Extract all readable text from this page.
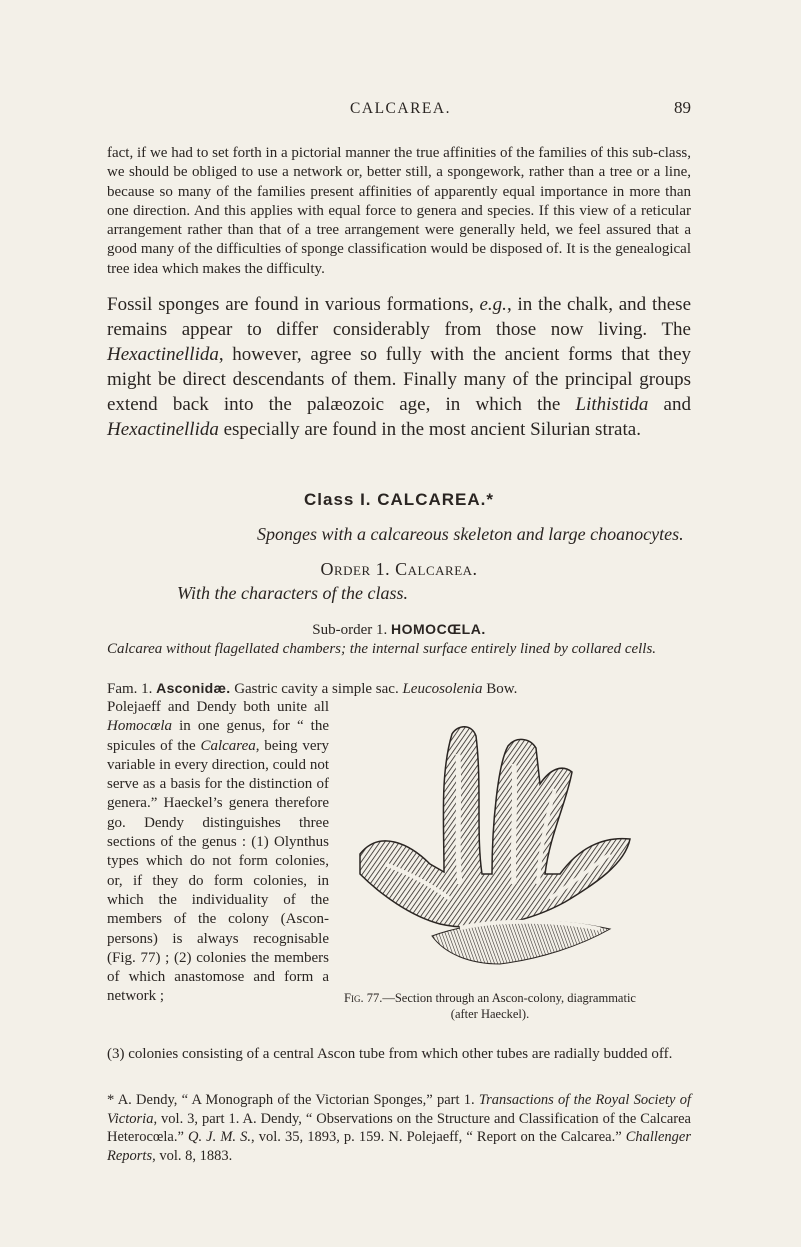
CALCAREA.	89

fact, if we had to set forth in a pictorial manner the true affinities of the families of this sub-class, we should be obliged to use a network or, better still, a spongework, rather than a tree or a line, because so many of the families present affinities of apparently equal importance in more than one direction. And this applies with equal force to genera and species. If this view of a reticular arrangement rather than that of a tree arrangement were generally held, we feel assured that a good many of the difficulties of sponge classification would be disposed of. It is the genealogical tree idea which makes the difficulty.

Fossil sponges are found in various formations, e.g., in the chalk, and these remains appear to differ considerably from those now living. The Hexactinellida, however, agree so fully with the ancient forms that they might be direct descendants of them. Finally many of the principal groups extend back into the palæozoic age, in which the Lithistida and Hexactinellida especially are found in the most ancient Silurian strata.

Class I. CALCAREA.*
Sponges with a calcareous skeleton and large choanocytes.
Order 1. Calcarea.
With the characters of the class.
Sub-order 1. HOMOCŒLA.

Calcarea without flagellated chambers; the internal surface entirely lined by collared cells.

Fam. 1. Asconidæ. Gastric cavity a simple sac. Leucosolenia Bow.

Polejaeff and Dendy both unite all Homocœla in one genus, for “ the spicules of the Calcarea, being very variable in every direction, could not serve as a basis for the distinction of genera.” Haeckel’s genera therefore go. Dendy distinguishes three sections of the genus : (1) Olynthus types which do not form colonies, or, if they do form colonies, in which the individuality of the members of the colony (Ascon-persons) is always recognisable (Fig. 77) ; (2) colonies the members of which anastomose and form a network ;

(3) colonies consisting of a central Ascon tube from which other tubes are radially budded off.

Fig. 77.—Section through an Ascon-colony, diagrammatic (after Haeckel).

* A. Dendy, “ A Monograph of the Victorian Sponges,” part 1. Transactions of the Royal Society of Victoria, vol. 3, part 1. A. Dendy, “ Observations on the Structure and Classification of the Calcarea Heterocœla.” Q. J. M. S., vol. 35, 1893, p. 159. N. Polejaeff, “ Report on the Calcarea.” Challenger Reports, vol. 8, 1883.
